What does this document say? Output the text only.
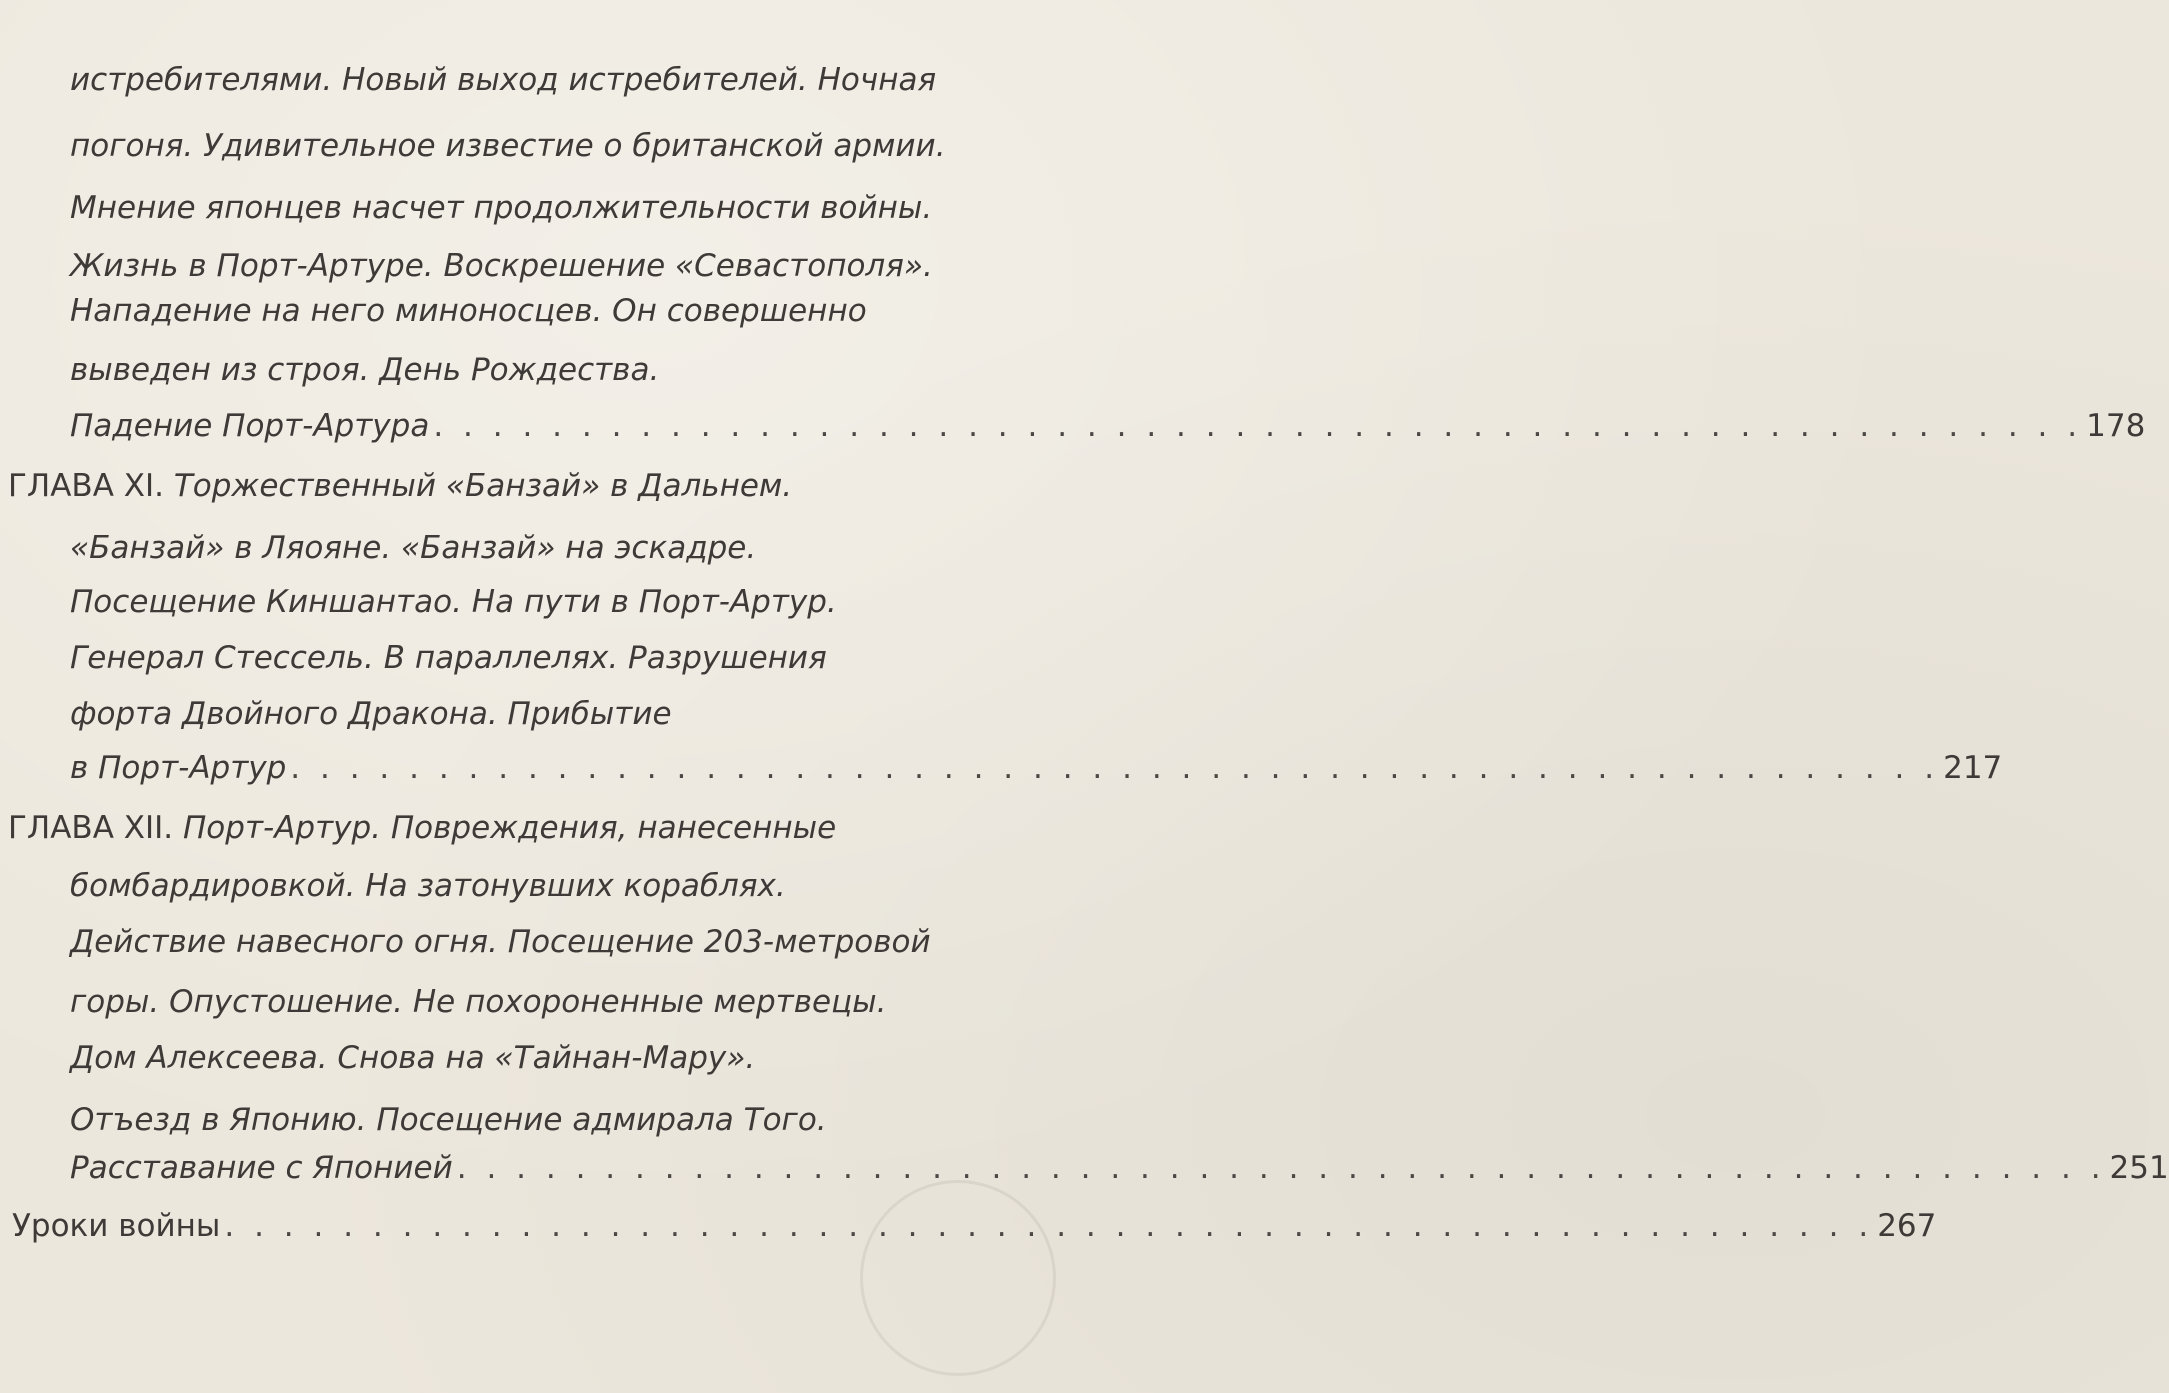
истребителями. Новый выход истребителей. Ночная
погоня. Удивительное известие о британской армии.
Мнение японцев насчет продолжительности войны.
Жизнь в Порт-Артуре. Воскрешение «Севастополя».
Нападение на него миноносцев. Он совершенно
выведен из строя. День Рождества.
Падение Порт-Артура . . . . . . . . . . . . . . . . . . . . . . . . . . . . . . . . . . . . . . . . . . . . . . . . . . . . . . . . 178
ГЛАВА XI. Торжественный «Банзай» в Дальнем.
«Банзай» в Ляояне. «Банзай» на эскадре.
Посещение Киншантао. На пути в Порт-Артур.
Генерал Стессель. В параллелях. Разрушения
форта Двойного Дракона. Прибытие
в Порт-Артур . . . . . . . . . . . . . . . . . . . . . . . . . . . . . . . . . . . . . . . . . . . . . . . . . . . . . . . . 217
ГЛАВА XII. Порт-Артур. Повреждения, нанесенные
бомбардировкой. На затонувших кораблях.
Действие навесного огня. Посещение 203-метровой
горы. Опустошение. Не похороненные мертвецы.
Дом Алексеева. Снова на «Тайнан-Мару».
Отъезд в Японию. Посещение адмирала Того.
Расставание с Японией . . . . . . . . . . . . . . . . . . . . . . . . . . . . . . . . . . . . . . . . . . . . . . . . . . . . . . . . 251
Уроки войны . . . . . . . . . . . . . . . . . . . . . . . . . . . . . . . . . . . . . . . . . . . . . . . . . . . . . . . . 267
